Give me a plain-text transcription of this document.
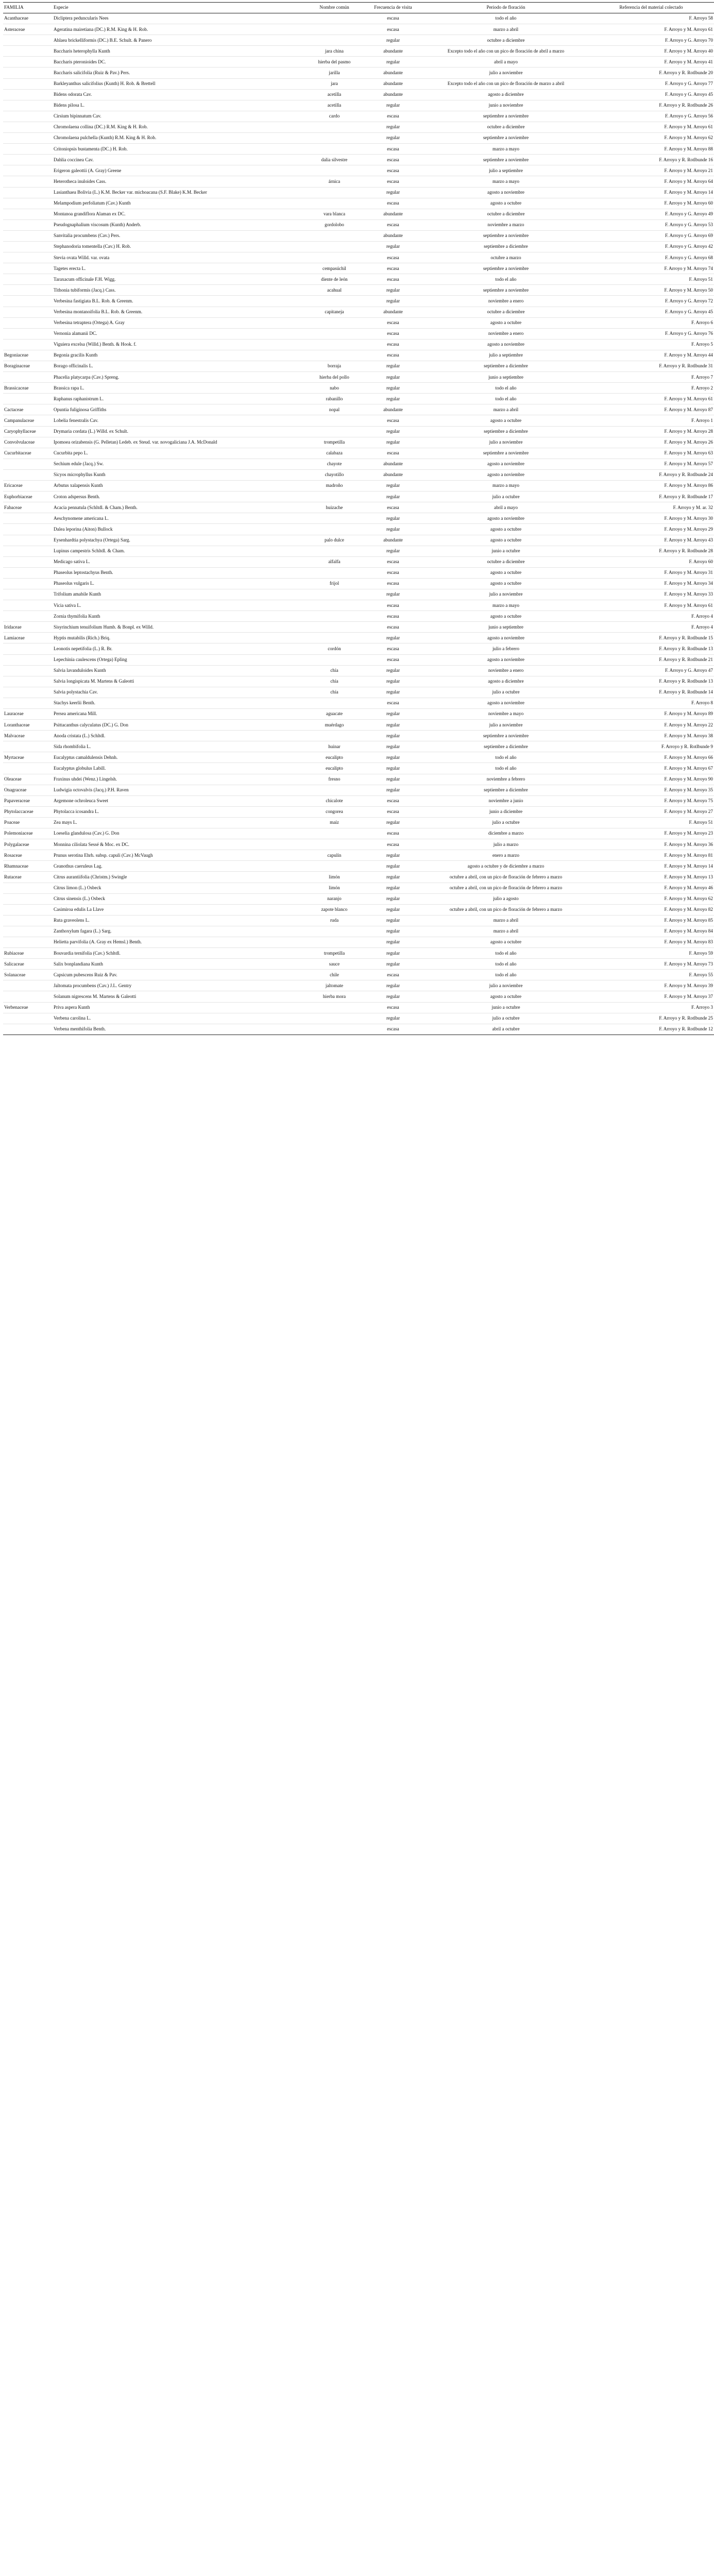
FAMILIA	Especie	Nombre común	Frecuencia de visita	Periodo de floración	Referencia del material colectado
Acanthaceae	Dicliptera peduncularis Nees		escasa	todo el año	F. Arroyo 58
Asteraceae	Ageratina mairetiana (DC.) R.M. King & H. Rob.		escasa	marzo a abril	F. Arroyo y M. Arroyo 61
	Ahlaea brickelliformis (DC.) B.E. Schult. & Panero		regular	octubre a diciembre	F. Arroyo y G. Arroyo 70
	Baccharis heterophylla Kunth	jara china	abundante	Excepto todo el año con un pico de floración de abril a marzo	F. Arroyo y M. Arroyo 40
	Baccharis pteronioides DC.	hierba del pasmo	regular	abril a mayo	F. Arroyo y M. Arroyo 41
	Baccharis salicifolia (Ruiz & Pav.) Pers.	jarilla	abundante	julio a noviembre	F. Arroyo y R. Rotlbunde 20
	Barkleyanthus salicifolius (Kunth) H. Rob. & Brettell	jara	abundante	Excepto todo el año con un pico de floración de marzo a abril	F. Arroyo y G. Arroyo 77
	Bidens odorata Cav.	acetilla	abundante	agosto a diciembre	F. Arroyo y G. Arroyo 45
	Bidens pilosa L.	acetilla	regular	junio a noviembre	F. Arroyo y R. Rotlbunde 26
	Cirsium bipinnatum Cav.	cardo	escasa	septiembre a noviembre	F. Arroyo y G. Arroyo 56
	Chromolaena collina (DC.) R.M. King & H. Rob.		regular	octubre a diciembre	F. Arroyo y M. Arroyo 61
	Chromolaena pulchella (Kunth) R.M. King & H. Rob.		regular	septiembre a noviembre	F. Arroyo y M. Arroyo 62
	Critoniopsis bustamenta (DC.) H. Rob.		escasa	marzo a mayo	F. Arroyo y M. Arroyo 88
	Dahlia coccinea Cav.	dalia silvestre	escasa	septiembre a noviembre	F. Arroyo y R. Rotlbunde 16
	Erigeron galeottii (A. Gray) Greene		escasa	julio a septiembre	F. Arroyo y M. Arroyo 21
	Heterotheca inuloides Cass.	árnica	escasa	marzo a mayo	F. Arroyo y M. Arroyo 64
	Lasianthaea Bolivia (L.) K.M. Becker var. michoacana (S.F. Blake) K.M. Becker		regular	agosto a noviembre	F. Arroyo y M. Arroyo 14
	Melampodium perfoliatum (Cav.) Kunth		escasa	agosto a octubre	F. Arroyo y M. Arroyo 60
	Montanoa grandiflora Alaman ex DC.	vara blanca	abundante	octubre a diciembre	F. Arroyo y G. Arroyo 49
	Pseudognaphalium viscosum (Kunth) Anderb.	gordolobo	escasa	noviembre a marzo	F. Arroyo y G. Arroyo 53
	Sanvitalia procumbens (Cav.) Pers.		abundante	septiembre a noviembre	F. Arroyo y G. Arroyo 69
	Stephanodoria tomentella (Cav.) H. Rob.		regular	septiembre a diciembre	F. Arroyo y G. Arroyo 42
	Stevia ovata Willd. var. ovata		escasa	octubre a marzo	F. Arroyo y G. Arroyo 68
	Tagetes erecta L.	cempasúchil	escasa	septiembre a noviembre	F. Arroyo y M. Arroyo 74
	Taraxacum officinale F.H. Wigg.	diente de león	escasa	todo el año	F. Arroyo 51
	Tithonia tubiformis (Jacq.) Cass.	acahual	regular	septiembre a noviembre	F. Arroyo y M. Arroyo 50
	Verbesina fastigiata B.L. Rob. & Greenm.		regular	noviembre a enero	F. Arroyo y G. Arroyo 72
	Verbesina montanoifolia B.L. Rob. & Greenm.	capitaneja	abundante	octubre a diciembre	F. Arroyo y G. Arroyo 45
	Verbesina tetraptera (Ortega) A. Gray		escasa	agosto a octubre	F. Arroyo 6
	Vernonia alamanii DC.		escasa	noviembre a enero	F. Arroyo y G. Arroyo 76
	Viguiera excelsa (Willd.) Benth. & Hook. f.		escasa	agosto a noviembre	F. Arroyo 5
Begoniaceae	Begonia gracilis Kunth		escasa	julio a septiembre	F. Arroyo y M. Arroyo 44
Boraginaceae	Borago officinalis L.	borraja	regular	septiembre a diciembre	F. Arroyo y R. Rotlbunde 31
	Phacelia platycarpa (Cav.) Spreng.	hierba del pollo	regular	junio a septiembre	F. Arroyo 7
Brassicaceae	Brassica rapa L.	nabo	regular	todo el año	F. Arroyo 2
	Raphanus raphanistrum L.	rabanillo	regular	todo el año	F. Arroyo y M. Arroyo 61
Cactaceae	Opuntia fuliginosa Griffiths	nopal	abundante	marzo a abril	F. Arroyo y M. Arroyo 87
Campanulaceae	Lobelia fenestralis Cav.		escasa	agosto a octubre	F. Arroyo 1
Caryophyllaceae	Drymaria cordata (L.) Willd. ex Schult.		regular	septiembre a diciembre	F. Arroyo y M. Arroyo 28
Convolvulaceae	Ipomoea orizabensis (G. Pelletan) Ledeb. ex Steud. var. novogaliciana J.A. McDonald	trompetilla	regular	julio a noviembre	F. Arroyo y M. Arroyo 26
Cucurbitaceae	Cucurbita pepo L.	calabaza	escasa	septiembre a noviembre	F. Arroyo y M. Arroyo 63
	Sechium edule (Jacq.) Sw.	chayote	abundante	agosto a noviembre	F. Arroyo y M. Arroyo 57
	Sicyos microphyllus Kunth	chayotillo	abundante	agosto a noviembre	F. Arroyo y R. Rotlbunde 24
Ericaceae	Arbutus xalapensis Kunth	madroño	regular	marzo a mayo	F. Arroyo y M. Arroyo 86
Euphorbiaceae	Croton adspersus Benth.		regular	julio a octubre	F. Arroyo y R. Rotlbunde 17
Fabaceae	Acacia pennatula (Schltdl. & Cham.) Benth.	huizache	escasa	abril a mayo	F. Arroyo y M. ar. 32
	Aeschynomene americana L.		regular	agosto a noviembre	F. Arroyo y M. Arroyo 30
	Dalea leporina (Aiton) Bullock		regular	agosto a octubre	F. Arroyo y M. Arroyo 29
	Eysenhardtia polystachya (Ortega) Sarg.	palo dulce	abundante	agosto a octubre	F. Arroyo y M. Arroyo 43
	Lupinus campestris Schltdl. & Cham.		regular	junio a octubre	F. Arroyo y R. Rotlbunde 28
	Medicago sativa L.	alfalfa	escasa	octubre a diciembre	F. Arroyo 60
	Phaseolus leptostachyus Benth.		escasa	agosto a octubre	F. Arroyo y M. Arroyo 31
	Phaseolus vulgaris L.	frijol	escasa	agosto a octubre	F. Arroyo y M. Arroyo 34
	Trifolium amabile Kunth		regular	julio a noviembre	F. Arroyo y M. Arroyo 33
	Vicia sativa L.		escasa	marzo a mayo	F. Arroyo y M. Arroyo 61
	Zornia thymifolia Kunth		escasa	agosto a octubre	F. Arroyo 4
Iridaceae	Sisyrinchium tenuifolium Humb. & Bonpl. ex Willd.		escasa	junio a septiembre	F. Arroyo 4
Lamiaceae	Hyptis mutabilis (Rich.) Briq.		regular	agosto a noviembre	F. Arroyo y R. Rotlbunde 15
	Leonotis nepetifolia (L.) R. Br.	cordón	escasa	julio a febrero	F. Arroyo y R. Rotlbunde 13
	Lepechinia caulescens (Ortega) Epling		escasa	agosto a noviembre	F. Arroyo y R. Rotlbunde 21
	Salvia lavanduloides Kunth	chía	regular	noviembre a enero	F. Arroyo y G. Arroyo 47
	Salvia longispicata M. Martens & Galeotti	chía	regular	agosto a diciembre	F. Arroyo y R. Rotlbunde 13
	Salvia polystachia Cav.	chía	regular	julio a octubre	F. Arroyo y R. Rotlbunde 14
	Stachys keerlii Benth.		escasa	agosto a noviembre	F. Arroyo 8
Lauraceae	Persea americana Mill.	aguacate	regular	noviembre a mayo	F. Arroyo y M. Arroyo 89
Loranthaceae	Psittacanthus calyculatus (DC.) G. Don	muérdago	regular	julio a noviembre	F. Arroyo y M. Arroyo 22
Malvaceae	Anoda cristata (L.) Schltdl.		regular	septiembre a noviembre	F. Arroyo y M. Arroyo 38
	Sida rhombifolia L.	huinar	regular	septiembre a diciembre	F. Arroyo y R. Rotlbunde 9
Myrtaceae	Eucalyptus camaldulensis Dehnh.	eucalipto	regular	todo el año	F. Arroyo y M. Arroyo 66
	Eucalyptus globulus Labill.	eucalipto	regular	todo el año	F. Arroyo y M. Arroyo 67
Oleaceae	Fraxinus uhdei (Wenz.) Lingelsh.	fresno	regular	noviembre a febrero	F. Arroyo y M. Arroyo 90
Onagraceae	Ludwigia octovalvis (Jacq.) P.H. Raven		regular	septiembre a diciembre	F. Arroyo y M. Arroyo 35
Papaveraceae	Argemone ochroleuca Sweet	chicalote	escasa	noviembre a junio	F. Arroyo y M. Arroyo 75
Phytolaccaceae	Phytolacca icosandra L.	congorea	escasa	junio a diciembre	F. Arroyo y M. Arroyo 27
Poaceae	Zea mays L.	maíz	regular	julio a octubre	F. Arroyo 51
Polemoniaceae	Loeselia glandulosa (Cav.) G. Don		escasa	diciembre a marzo	F. Arroyo y M. Arroyo 23
Polygalaceae	Monnina ciliolata Sessé & Moc. ex DC.		escasa	julio a marzo	F. Arroyo y M. Arroyo 36
Rosaceae	Prunus serotina Ehrh. subsp. capuli (Cav.) McVaugh	capulín	regular	enero a marzo	F. Arroyo y M. Arroyo 81
Rhamnaceae	Ceanothus caeruleus Lag.		regular	agosto a octubre y de diciembre a marzo	F. Arroyo y M. Arroyo 14
Rutaceae	Citrus aurantiifolia (Christm.) Swingle	limón	regular	octubre a abril, con un pico de floración de febrero a marzo	F. Arroyo y M. Arroyo 13
	Citrus limon (L.) Osbeck	limón	regular	octubre a abril, con un pico de floración de febrero a marzo	F. Arroyo y M. Arroyo 46
	Citrus sinensis (L.) Osbeck	naranjo	regular	julio a agosto	F. Arroyo y M. Arroyo 62
	Casimiroa edulis La Llave	zapote blanco	regular	octubre a abril, con un pico de floración de febrero a marzo	F. Arroyo y M. Arroyo 82
	Ruta graveolens L.	ruda	regular	marzo a abril	F. Arroyo y M. Arroyo 85
	Zanthoxylum fagara (L.) Sarg.		regular	marzo a abril	F. Arroyo y M. Arroyo 84
	Helietta parvifolia (A. Gray ex Hemsl.) Benth.		regular	agosto a octubre	F. Arroyo y M. Arroyo 83
Rubiaceae	Bouvardia ternifolia (Cav.) Schltdl.	trompetilla	regular	todo el año	F. Arroyo 59
Salicaceae	Salix bonplandiana Kunth	sauce	regular	todo el año	F. Arroyo y M. Arroyo 73
Solanaceae	Capsicum pubescens Ruiz & Pav.	chile	escasa	todo el año	F. Arroyo 55
	Jaltomata procumbens (Cav.) J.L. Gentry	jaltomate	regular	julio a noviembre	F. Arroyo y M. Arroyo 39
	Solanum nigrescens M. Martens & Galeotti	hierba mora	regular	agosto a octubre	F. Arroyo y M. Arroyo 37
Verbenaceae	Priva aspera Kunth		escasa	junio a octubre	F. Arroyo 3
	Verbena carolina L.		regular	julio a octubre	F. Arroyo y R. Rotlbunde 25
	Verbena menthifolia Benth.		escasa	abril a octubre	F. Arroyo y R. Rotlbunde 12
